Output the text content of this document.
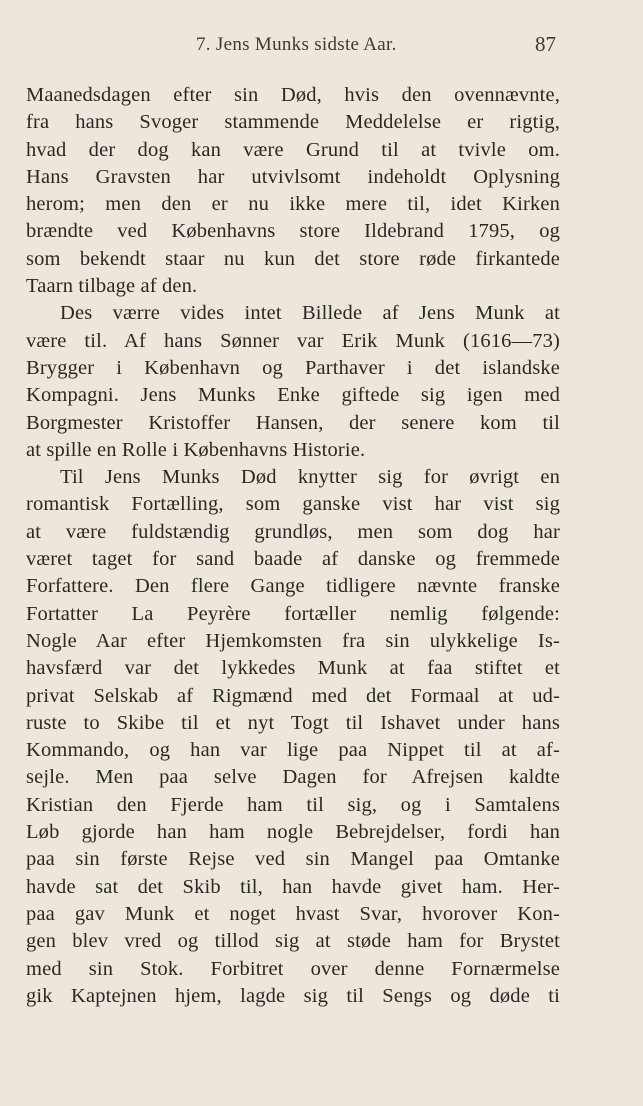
7. Jens Munks sidste Aar.	87
Maanedsdagen efter sin Død, hvis den ovennævnte,
fra hans Svoger stammende Meddelelse er rigtig,
hvad der dog kan være Grund til at tvivle om.
Hans Gravsten har utvivlsomt indeholdt Oplysning
herom; men den er nu ikke mere til, idet Kirken
brændte ved Københavns store Ildebrand 1795, og
som bekendt staar nu kun det store røde firkantede
Taarn tilbage af den.
Des værre vides intet Billede af Jens Munk at
være til. Af hans Sønner var Erik Munk (1616—73)
Brygger i København og Parthaver i det islandske
Kompagni. Jens Munks Enke giftede sig igen med
Borgmester Kristoffer Hansen, der senere kom til
at spille en Rolle i Københavns Historie.
Til Jens Munks Død knytter sig for øvrigt en
romantisk Fortælling, som ganske vist har vist sig
at være fuldstændig grundløs, men som dog har
været taget for sand baade af danske og fremmede
Forfattere. Den flere Gange tidligere nævnte franske
Fortatter La Peyrère fortæller nemlig følgende:
Nogle Aar efter Hjemkomsten fra sin ulykkelige Is-
havsfærd var det lykkedes Munk at faa stiftet et
privat Selskab af Rigmænd med det Formaal at ud-
ruste to Skibe til et nyt Togt til Ishavet under hans
Kommando, og han var lige paa Nippet til at af-
sejle. Men paa selve Dagen for Afrejsen kaldte
Kristian den Fjerde ham til sig, og i Samtalens
Løb gjorde han ham nogle Bebrejdelser, fordi han
paa sin første Rejse ved sin Mangel paa Omtanke
havde sat det Skib til, han havde givet ham. Her-
paa gav Munk et noget hvast Svar, hvorover Kon-
gen blev vred og tillod sig at støde ham for Brystet
med sin Stok. Forbitret over denne Fornærmelse
gik Kaptejnen hjem, lagde sig til Sengs og døde ti
